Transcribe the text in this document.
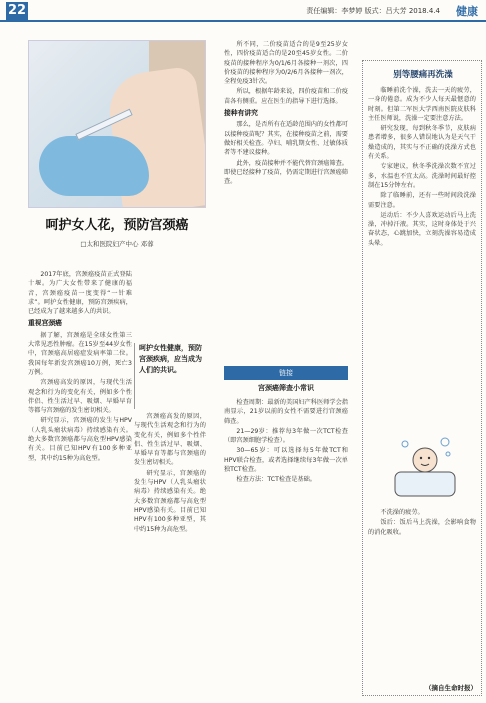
22	责任编辑：李梦婷 版式：吕大芳 2018.4.4 健康
呵护女人花，预防宫颈癌
□太和医院妇产中心 邓蓉

2017年底，宫颈癌疫苗正式登陆十堰。为广大女性带来了健康的福音，宫颈癌疫苗一度变得“一针难求”。呵护女性健康，预防宫颈疾病，已经成为了越来越多人的共识。

重视宫颈癌

据了解，宫颈癌是全球女性第三大常见恶性肿瘤。在15岁至44岁女性中，宫颈癌高居癌症发病率第二位。我国每年新发宫颈癌10万例，死亡3万例。

宫颈癌高发的原因，与现代生活观念和行为的变化有关，例如多个性伴侣、性生活过早、吸烟、早婚早育等都与宫颈癌的发生密切相关。

研究显示，宫颈癌的发生与HPV（人乳头瘤状病毒）持续感染有关。绝大多数宫颈癌都与高危型HPV感染有关。目前已知HPV有100多种亚型，其中约15种为高危型。

呵护女性健康，预防宫颈疾病，应当成为人们的共识。

宫颈癌高发的原因，与现代生活观念和行为的变化有关，例如多个性伴侣、性生活过早、吸烟、早婚早育等都与宫颈癌的发生密切相关。

研究显示，宫颈癌的发生与HPV（人乳头瘤状病毒）持续感染有关。绝大多数宫颈癌都与高危型HPV感染有关。目前已知HPV有100多种亚型，其中约15种为高危型。

所不同，二价疫苗适合的是9至25岁女性，四价疫苗适合的是20至45岁女性。二价疫苗的接种程序为0/1/6月各接种一剂次，四价疫苗的接种程序为0/2/6月各接种一剂次，全程免疫3针次。

所以，根据年龄来说，四价疫苗和二价疫苗各有侧重。应在医生的指导下进行选择。

接种有讲究

那么，是否所有在适龄范围内的女性都可以接种疫苗呢？其实，在接种疫苗之前，需要做好相关检查。孕妇、哺乳期女性、过敏体质者等不建议接种。

此外，疫苗接种并不能代替宫颈癌筛查。即使已经接种了疫苗，仍需定期进行宫颈癌筛查。

链接
宫颈癌筛查小常识

检查周期：最新的美国妇产科医师学会指南显示，21岁以前的女性不需要进行宫颈癌筛查。

21—29岁：推荐每3年做一次TCT检查（即宫颈细胞学检查）。

30—65岁：可以选择每5年做TCT和HPV联合检查，或者选择继续每3年做一次单独TCT检查。

检查方法：TCT检查是基础。

别等腰痛再洗澡

临睡前洗个澡，洗去一天的疲劳，一身的倦意。成为不少人每天最惬意的时刻。但第二军医大学西南医院皮肤科主任医师说，洗澡一定要注意方法。

研究发现，每到秋冬季节，皮肤病患者增多，很多人错误地认为是天气干燥造成的，其实与不正确的洗澡方式也有关系。

专家建议，秋冬季洗澡次数不宜过多，水温也不宜太高。洗澡时间最好控制在15分钟左右。

除了临睡前，还有一些时间段洗澡需要注意。

运动后：不少人喜欢运动后马上洗澡，冲掉汗液。其实，这时身体处于兴奋状态，心跳加快，立刻洗澡容易造成头晕。

不洗澡的疲劳。

饭后：饭后马上洗澡，会影响食物的消化吸收。

（摘自生命时报）
